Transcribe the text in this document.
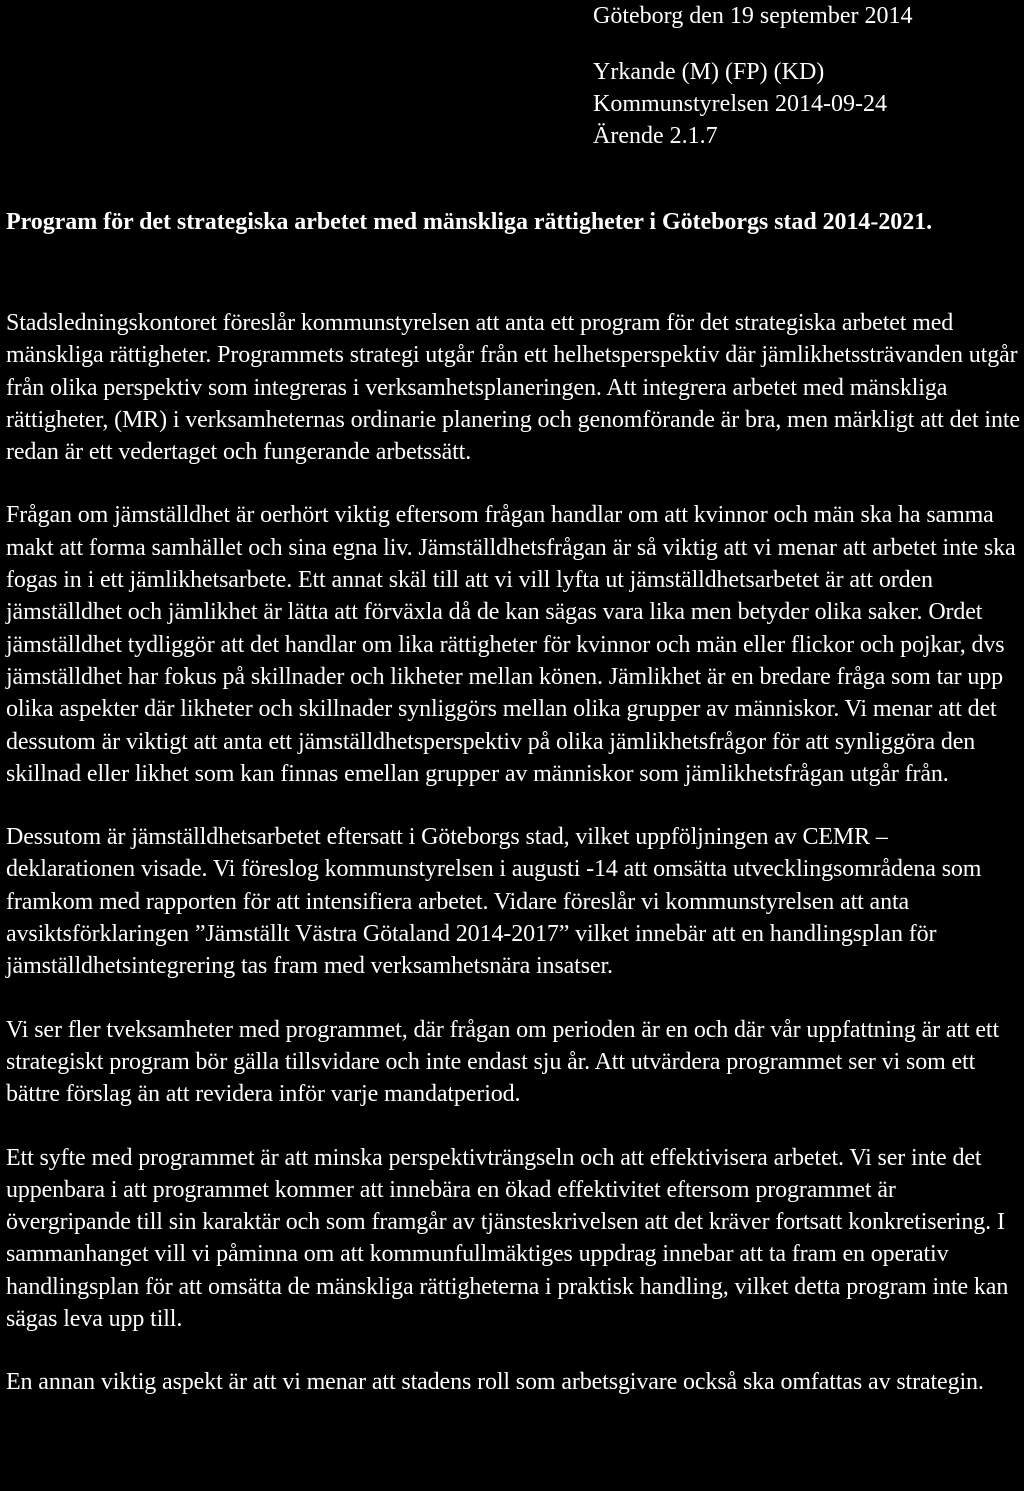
Göteborg den 19 september 2014
Yrkande (M) (FP) (KD)
Kommunstyrelsen 2014-09-24
Ärende 2.1.7
Program för det strategiska arbetet med mänskliga rättigheter i Göteborgs stad 2014-2021.

Stadsledningskontoret föreslår kommunstyrelsen att anta ett program för det strategiska arbetet med mänskliga rättigheter. Programmets strategi utgår från ett helhetsperspektiv där jämlikhetssträvanden utgår från olika perspektiv som integreras i verksamhetsplaneringen. Att integrera arbetet med mänskliga rättigheter, (MR) i verksamheternas ordinarie planering och genomförande är bra, men märkligt att det inte redan är ett vedertaget och fungerande arbetssätt.

Frågan om jämställdhet är oerhört viktig eftersom frågan handlar om att kvinnor och män ska ha samma makt att forma samhället och sina egna liv. Jämställdhetsfrågan är så viktig att vi menar att arbetet inte ska fogas in i ett jämlikhetsarbete. Ett annat skäl till att vi vill lyfta ut jämställdhetsarbetet är att orden jämställdhet och jämlikhet är lätta att förväxla då de kan sägas vara lika men betyder olika saker. Ordet jämställdhet tydliggör att det handlar om lika rättigheter för kvinnor och män eller flickor och pojkar, dvs jämställdhet har fokus på skillnader och likheter mellan könen. Jämlikhet är en bredare fråga som tar upp olika aspekter där likheter och skillnader synliggörs mellan olika grupper av människor. Vi menar att det dessutom är viktigt att anta ett jämställdhetsperspektiv på olika jämlikhetsfrågor för att synliggöra den skillnad eller likhet som kan finnas emellan grupper av människor som jämlikhetsfrågan utgår från.

Dessutom är jämställdhetsarbetet eftersatt i Göteborgs stad, vilket uppföljningen av CEMR – deklarationen visade. Vi föreslog kommunstyrelsen i augusti -14 att omsätta utvecklingsområdena som framkom med rapporten för att intensifiera arbetet. Vidare föreslår vi kommunstyrelsen att anta avsiktsförklaringen ”Jämställt Västra Götaland 2014-2017” vilket innebär att en handlingsplan för jämställdhetsintegrering tas fram med verksamhetsnära insatser.

Vi ser fler tveksamheter med programmet, där frågan om perioden är en och där vår uppfattning är att ett strategiskt program bör gälla tillsvidare och inte endast sju år. Att utvärdera programmet ser vi som ett bättre förslag än att revidera inför varje mandatperiod.

Ett syfte med programmet är att minska perspektivträngseln och att effektivisera arbetet. Vi ser inte det uppenbara i att programmet kommer att innebära en ökad effektivitet eftersom programmet är övergripande till sin karaktär och som framgår av tjänsteskrivelsen att det kräver fortsatt konkretisering. I sammanhanget vill vi påminna om att kommunfullmäktiges uppdrag innebar att ta fram en operativ handlingsplan för att omsätta de mänskliga rättigheterna i praktisk handling, vilket detta program inte kan sägas leva upp till.

En annan viktig aspekt är att vi menar att stadens roll som arbetsgivare också ska omfattas av strategin.
